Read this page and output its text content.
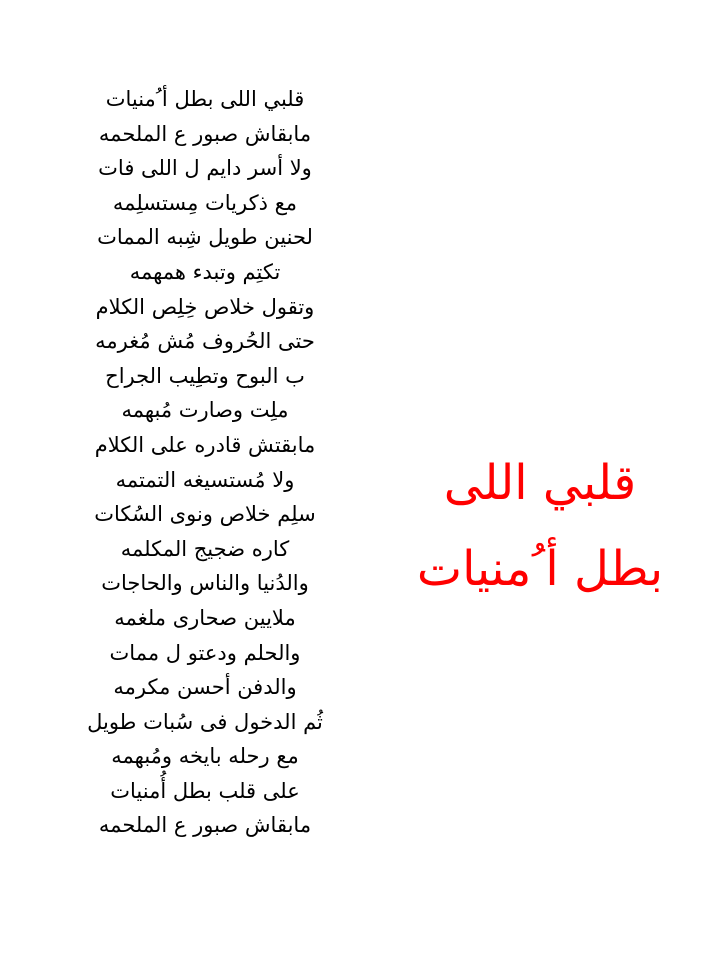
قلبي اللى بطل أ ُمنيات
مابقاش صبور ع الملحمه
ولا أسر دايم ل اللى فات
مع ذكريات مِستسلِمه
لحنين طويل شِبه الممات
تكتِم وتبدء همهمه
وتقول خلاص خِلِص الكلام
حتى الحُروف مُش مُغرمه
ب البوح وتطِيب الجراح
ملِت وصارت مُبهمه
مابقتش قادره على الكلام
ولا مُستسيغه التمتمه
سلِم خلاص ونوى السُكات
كاره ضجيج المكلمه
والدُنيا والناس والحاجات
ملايين صحارى ملغمه
والحلم ودعتو ل ممات
والدفن أحسن مكرمه
ثُم الدخول فى سُبات طويل
مع رحله بايخه ومُبهمه
على قلب بطل أُمنيات
مابقاش صبور ع الملحمه
قلبي اللى
بطل أ ُمنيات
